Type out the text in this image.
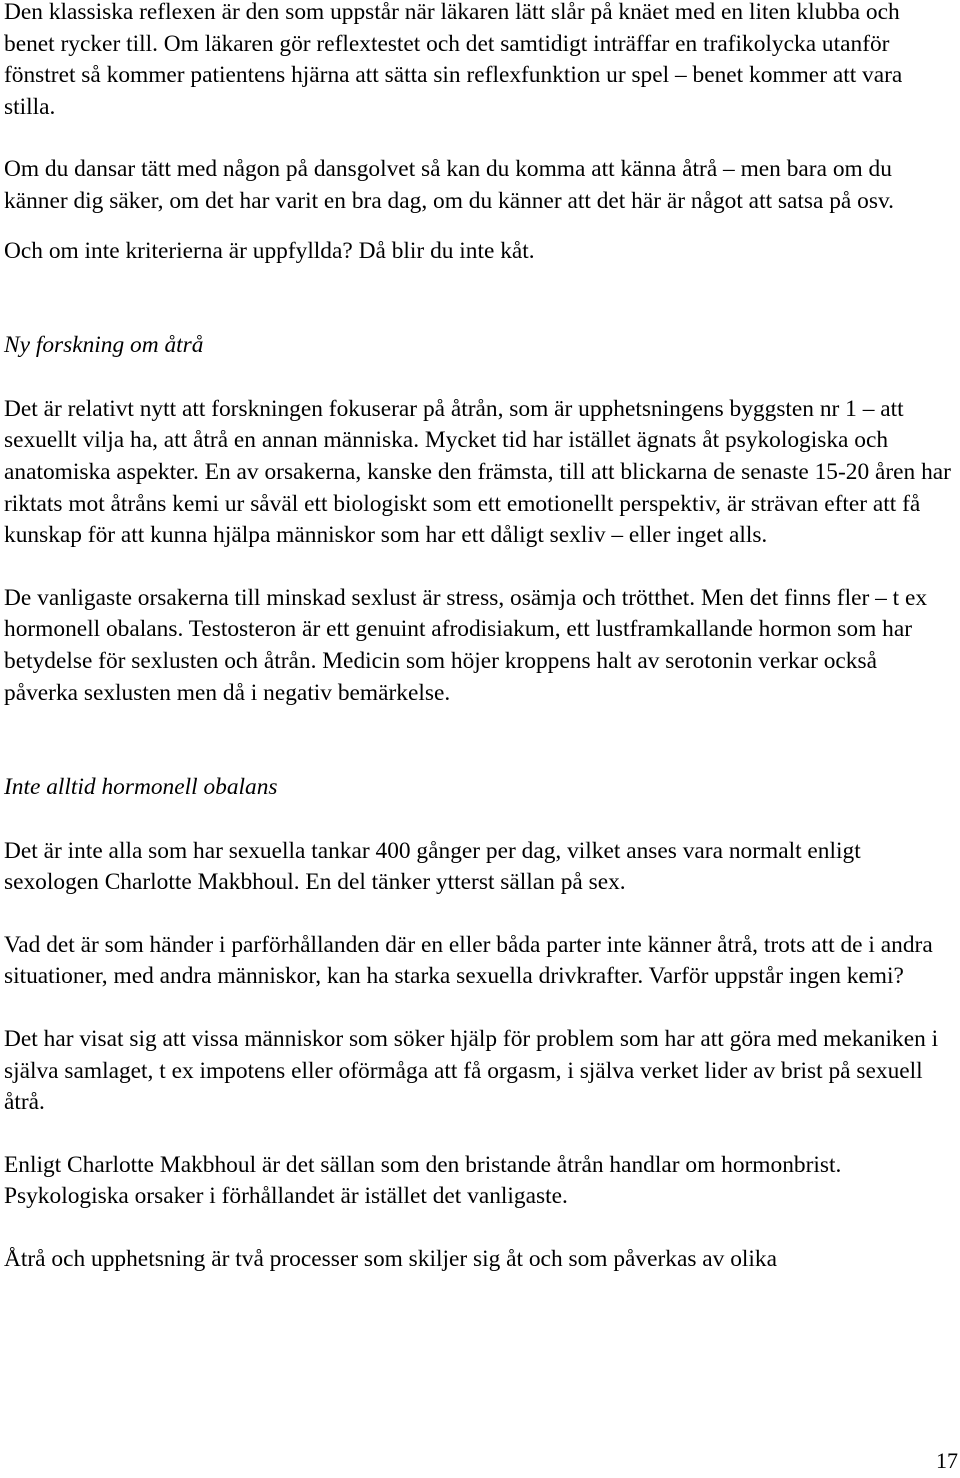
Den klassiska reflexen är den som uppstår när läkaren lätt slår på knäet med en liten klubba och benet rycker till. Om läkaren gör reflextestet och det samtidigt inträffar en trafikolycka utanför fönstret så kommer patientens hjärna att sätta sin reflexfunktion ur spel – benet kommer att vara stilla.

Om du dansar tätt med någon på dansgolvet så kan du komma att känna åtrå – men bara om du känner dig säker, om det har varit en bra dag, om du känner att det här är något att satsa på osv.

Och om inte kriterierna är uppfyllda? Då blir du inte kåt.

Ny forskning om åtrå

Det är relativt nytt att forskningen fokuserar på åtrån, som är upphetsningens byggsten nr 1 – att sexuellt vilja ha, att åtrå en annan människa. Mycket tid har istället ägnats åt psykologiska och anatomiska aspekter. En av orsakerna, kanske den främsta, till att blickarna de senaste 15-20 åren har riktats mot åtråns kemi ur såväl ett biologiskt som ett emotionellt perspektiv, är strävan efter att få kunskap för att kunna hjälpa människor som har ett dåligt sexliv – eller inget alls.

De vanligaste orsakerna till minskad sexlust är stress, osämja och trötthet. Men det finns fler – t ex hormonell obalans. Testosteron är ett genuint afrodisiakum, ett lustframkallande hormon som har betydelse för sexlusten och åtrån. Medicin som höjer kroppens halt av serotonin verkar också påverka sexlusten men då i negativ bemärkelse.

Inte alltid hormonell obalans

Det är inte alla som har sexuella tankar 400 gånger per dag, vilket anses vara normalt enligt sexologen Charlotte Makbhoul. En del tänker ytterst sällan på sex.

Vad det är som händer i parförhållanden där en eller båda parter inte känner åtrå, trots att de i andra situationer, med andra människor, kan ha starka sexuella drivkrafter. Varför uppstår ingen kemi?

Det har visat sig att vissa människor som söker hjälp för problem som har att göra med mekaniken i själva samlaget, t ex impotens eller oförmåga att få orgasm, i själva verket lider av brist på sexuell åtrå.

Enligt Charlotte Makbhoul är det sällan som den bristande åtrån handlar om hormonbrist. Psykologiska orsaker i förhållandet är istället det vanligaste.

Åtrå och upphetsning är två processer som skiljer sig åt och som påverkas av olika

17
